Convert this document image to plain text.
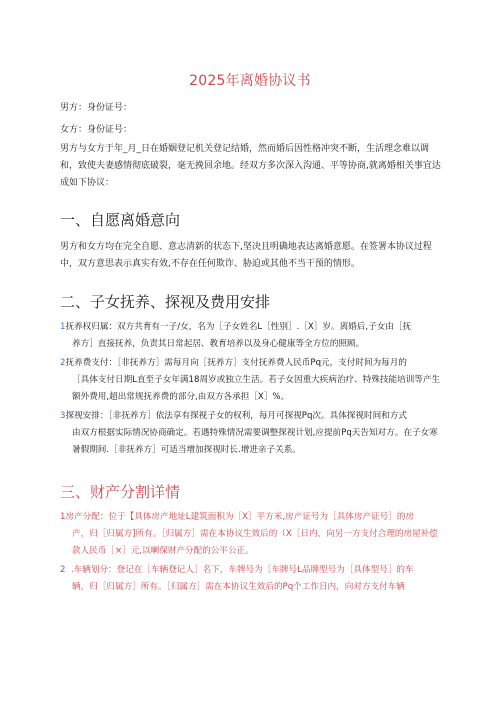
2025年离婚协议书
男方：身份证号：
女方：身份证号：
男方与女方于年_月_日在婚姻登记机关登记结婚，然而婚后因性格冲突不断，生活理念难以调和，致使夫妻感情彻底破裂，毫无挽回余地。经双方多次深入沟通、平等协商,就离婚相关事宜达成如下协议：
一、自愿离婚意向
男方和女方均在完全自愿、意志清新的状态下,坚决且明确地表达离婚意愿。在签署本协议过程中，双方意思表示真实有效,不存在任何欺诈、胁迫或其他不当干预的情形。
二、子女抚养、探视及费用安排
1抚养权归属：双方共育有一子/女，名为［子女姓名L［性别］.［X］岁。离婚后,子女由［抚
养方］直接抚养，负责其日常起居、教育培养以及身心健康等全方位的照顾。
2抚养费支付：［非抚养方］需每月向［抚养方］支付抚养费人民币Pq元，支付时间为每月的
［具体支付日期L直至子女年满18周岁或独立生活。若子女因重大疾病治疗、特殊技能培训等产生额外费用,超出常规抚养费的部分,由双方各承担［X］%。
3探视安排：［非抚养方］依法享有探视子女的权利，每月可探视Pq次。具体探视时间和方式
由双方根据实际情况协商确定。若遇特殊情况需要调整探视计划,应提前Pq天告知对方。在子女寒暑假期间.［非抚养方］可适当增加探视时长.增进亲子关系。
三、财产分割详情
1房产分配：位于【具体房产地址L建筑面积为［X］平方米,房产证号为［具体房产证号］的房
产，归［归属方]所有。［归属方］需在本协议生效后的（X［日内，向另一方支付合理的房屋补偿款人民币［×］元,以喇保财产分配的公平公正。
2 .车辆划分：登记在［车辆登记人］名下，车牌号为［车牌号L品牌型号为［具体型号］的车
辆，归［归属方］所有。［归属方］需在本协议生效后的Pq个工作日内，向对方支付车辆
